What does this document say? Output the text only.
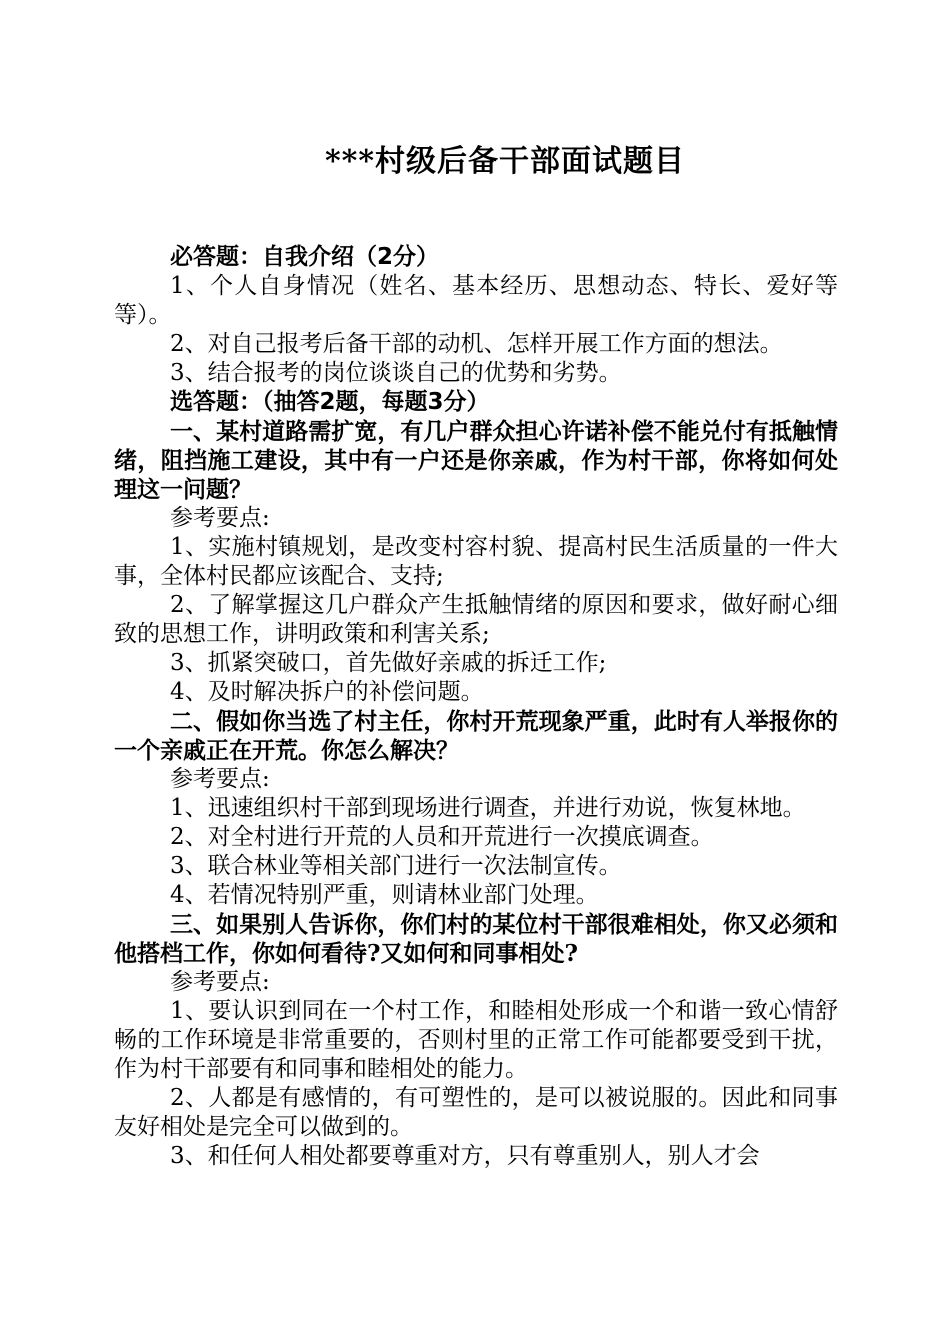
***村级后备干部面试题目

必答题：自我介绍（2分）

1、个人自身情况（姓名、基本经历、思想动态、特长、爱好等等）。

2、对自己报考后备干部的动机、怎样开展工作方面的想法。

3、结合报考的岗位谈谈自己的优势和劣势。

选答题：（抽答2题，每题3分）

一、某村道路需扩宽，有几户群众担心许诺补偿不能兑付有抵触情绪，阻挡施工建设，其中有一户还是你亲戚，作为村干部，你将如何处理这一问题？

参考要点:

1、实施村镇规划，是改变村容村貌、提高村民生活质量的一件大事，全体村民都应该配合、支持;

2、了解掌握这几户群众产生抵触情绪的原因和要求，做好耐心细致的思想工作，讲明政策和利害关系;

3、抓紧突破口，首先做好亲戚的拆迁工作;

4、及时解决拆户的补偿问题。

二、假如你当选了村主任，你村开荒现象严重，此时有人举报你的一个亲戚正在开荒。你怎么解决？

参考要点:

1、迅速组织村干部到现场进行调查，并进行劝说，恢复林地。

2、对全村进行开荒的人员和开荒进行一次摸底调查。

3、联合林业等相关部门进行一次法制宣传。

4、若情况特别严重，则请林业部门处理。

三、如果别人告诉你，你们村的某位村干部很难相处，你又必须和他搭档工作，你如何看待?又如何和同事相处?

参考要点:

1、要认识到同在一个村工作，和睦相处形成一个和谐一致心情舒畅的工作环境是非常重要的，否则村里的正常工作可能都要受到干扰，作为村干部要有和同事和睦相处的能力。

2、人都是有感情的，有可塑性的，是可以被说服的。因此和同事友好相处是完全可以做到的。

3、和任何人相处都要尊重对方，只有尊重别人，别人才会
